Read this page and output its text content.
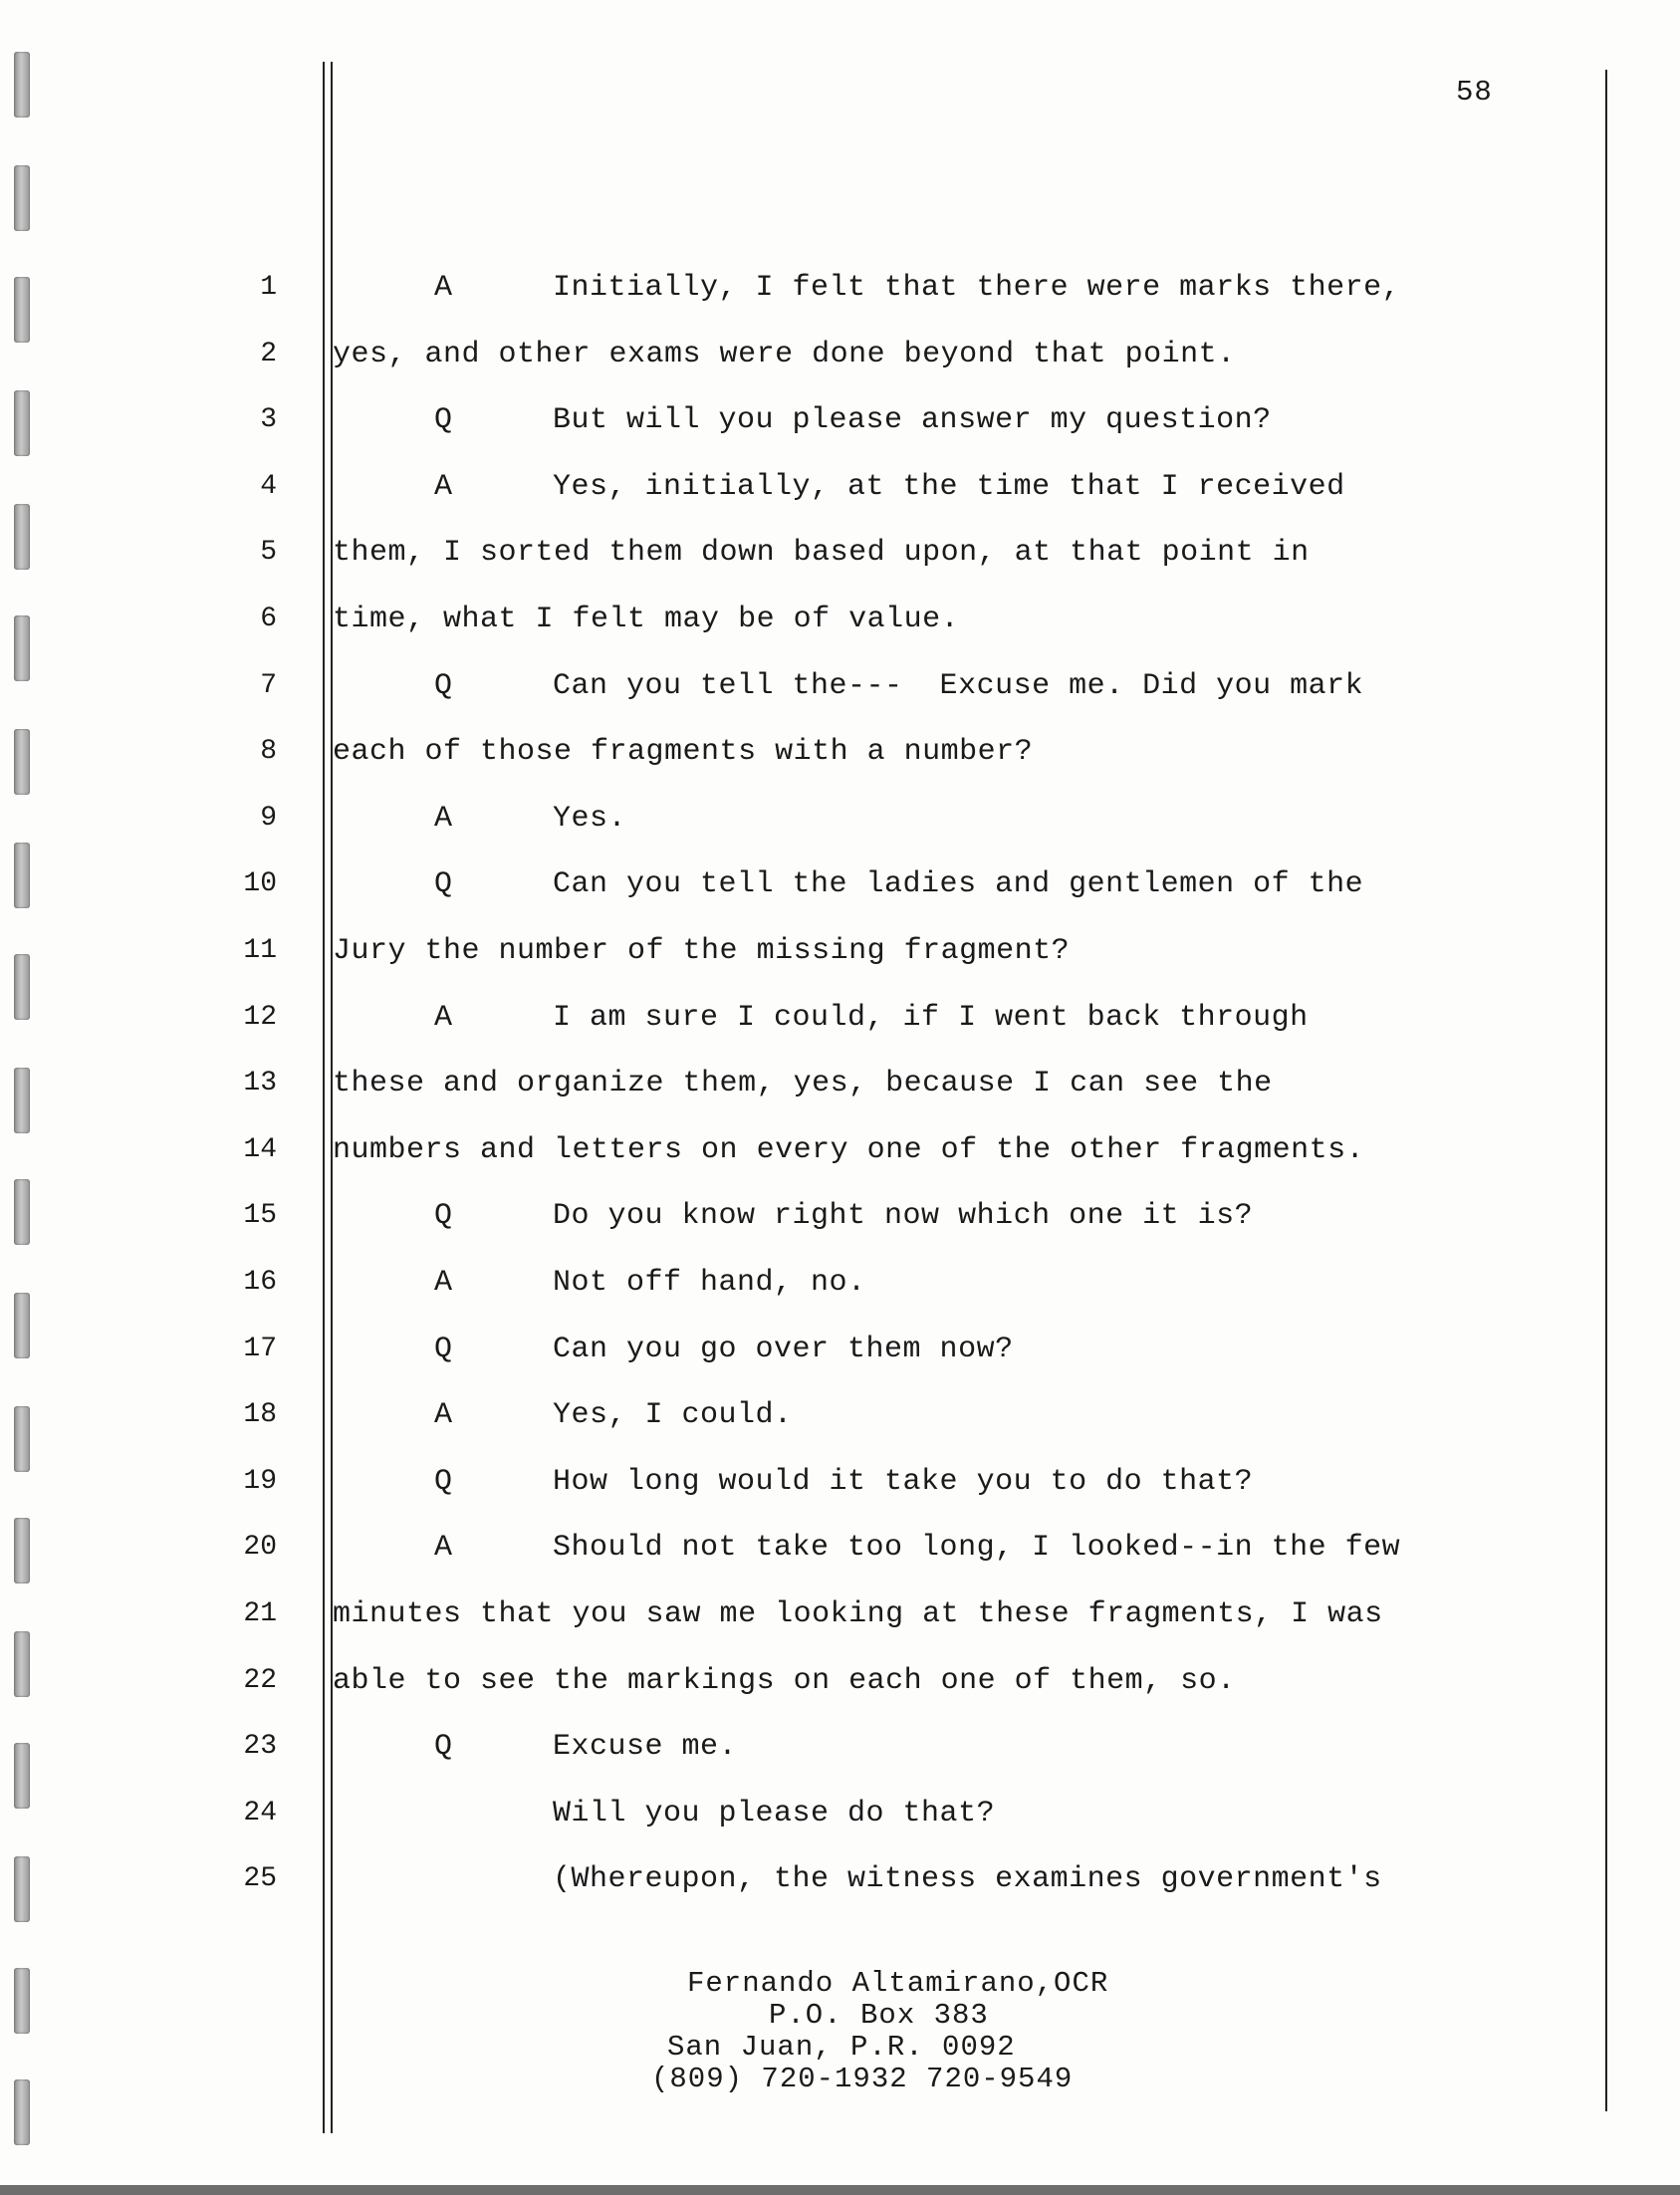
58
1	A	Initially, I felt that there were marks there,
2 yes, and other exams were done beyond that point.
3	Q	But will you please answer my question?
4	A	Yes, initially, at the time that I received
5 them, I sorted them down based upon, at that point in
6 time, what I felt may be of value.
7	Q	Can you tell the---  Excuse me. Did you mark
8 each of those fragments with a number?
9	A	Yes.
10	Q	Can you tell the ladies and gentlemen of the
11 Jury the number of the missing fragment?
12	A	I am sure I could, if I went back through
13 these and organize them, yes, because I can see the
14 numbers and letters on every one of the other fragments.
15	Q	Do you know right now which one it is?
16	A	Not off hand, no.
17	Q	Can you go over them now?
18	A	Yes, I could.
19	Q	How long would it take you to do that?
20	A	Should not take too long, I looked--in the few
21 minutes that you saw me looking at these fragments, I was
22 able to see the markings on each one of them, so.
23	Q	Excuse me.
24	Will you please do that?
25	(Whereupon, the witness examines government's
Fernando Altamirano,OCR
P.O. Box 383
San Juan, P.R. 0092
(809) 720-1932 720-9549
